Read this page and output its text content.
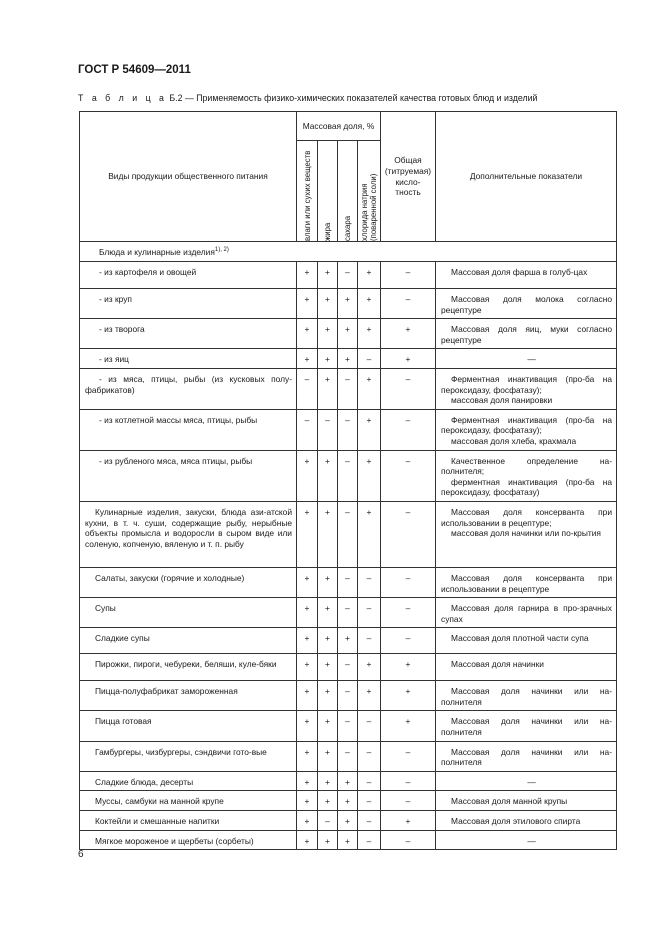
ГОСТ Р 54609—2011
Т а б л и ц а Б.2 — Применяемость физико-химических показателей качества готовых блюд и изделий
Виды продукции общественного питания	Массовая доля, %				Общая (титруемая) кисло-тность	Дополнительные показатели

	влаги или сухих веществ	жира	сахара	хлорида натрия (поваренной соли)		

Блюда и кулинарные изделия$^{1), 2)}$
- из картофеля и овощей	+	+	–	+	–	Массовая доля фарша в голуб-цах

- из круп	+	+	+	+	–	Массовая доля молока согласно рецептуре

- из творога	+	+	+	+	+	Массовая доля яиц, муки согласно рецептуре

- из яиц	+	+	+	–	+	—

- из мяса, птицы, рыбы (из кусковых полу-фабрикатов)	–	+	–	+	–	Ферментная инактивация (про-ба на пероксидазу, фосфатазу);
массовая доля панировки

- из котлетной массы мяса, птицы, рыбы	–	–	–	+	–	Ферментная инактивация (про-ба на пероксидазу, фосфатазу);
массовая доля хлеба, крахмала

- из рубленого мяса, мяса птицы, рыбы	+	+	–	+	–	Качественное определение на-полнителя;
ферментная инактивация (про-ба на пероксидазу, фосфатазу)

Кулинарные изделия, закуски, блюда ази-атской кухни, в т. ч. суши, содержащие рыбу, нерыбные объекты промысла и водоросли в сыром виде или соленую, копченую, вяленую и т. п. рыбу	+	+	–	+	–	Массовая доля консерванта при использовании в рецептуре;
массовая доля начинки или по-крытия

Салаты, закуски (горячие и холодные)	+	+	–	–	–	Массовая доля консерванта при использовании в рецептуре

Супы	+	+	–	–	–	Массовая доля гарнира в про-зрачных супах

Сладкие супы	+	+	+	–	–	Массовая доля плотной части супа

Пирожки, пироги, чебуреки, беляши, куле-бяки	+	+	–	+	+	Массовая доля начинки

Пицца-полуфабрикат замороженная	+	+	–	+	+	Массовая доля начинки или на-полнителя

Пицца готовая	+	+	–	–	+	Массовая доля начинки или на-полнителя

Гамбургеры, чизбургеры, сэндвичи гото-вые	+	+	–	–	–	Массовая доля начинки или на-полнителя

Сладкие блюда, десерты	+	+	+	–	–	—

Муссы, самбуки на манной крупе	+	+	+	–	–	Массовая доля манной крупы

Коктейли и смешанные напитки	+	–	+	–	+	Массовая доля этилового спирта

Мягкое мороженое и щербеты (сорбеты)	+	+	+	–	–	—
6
